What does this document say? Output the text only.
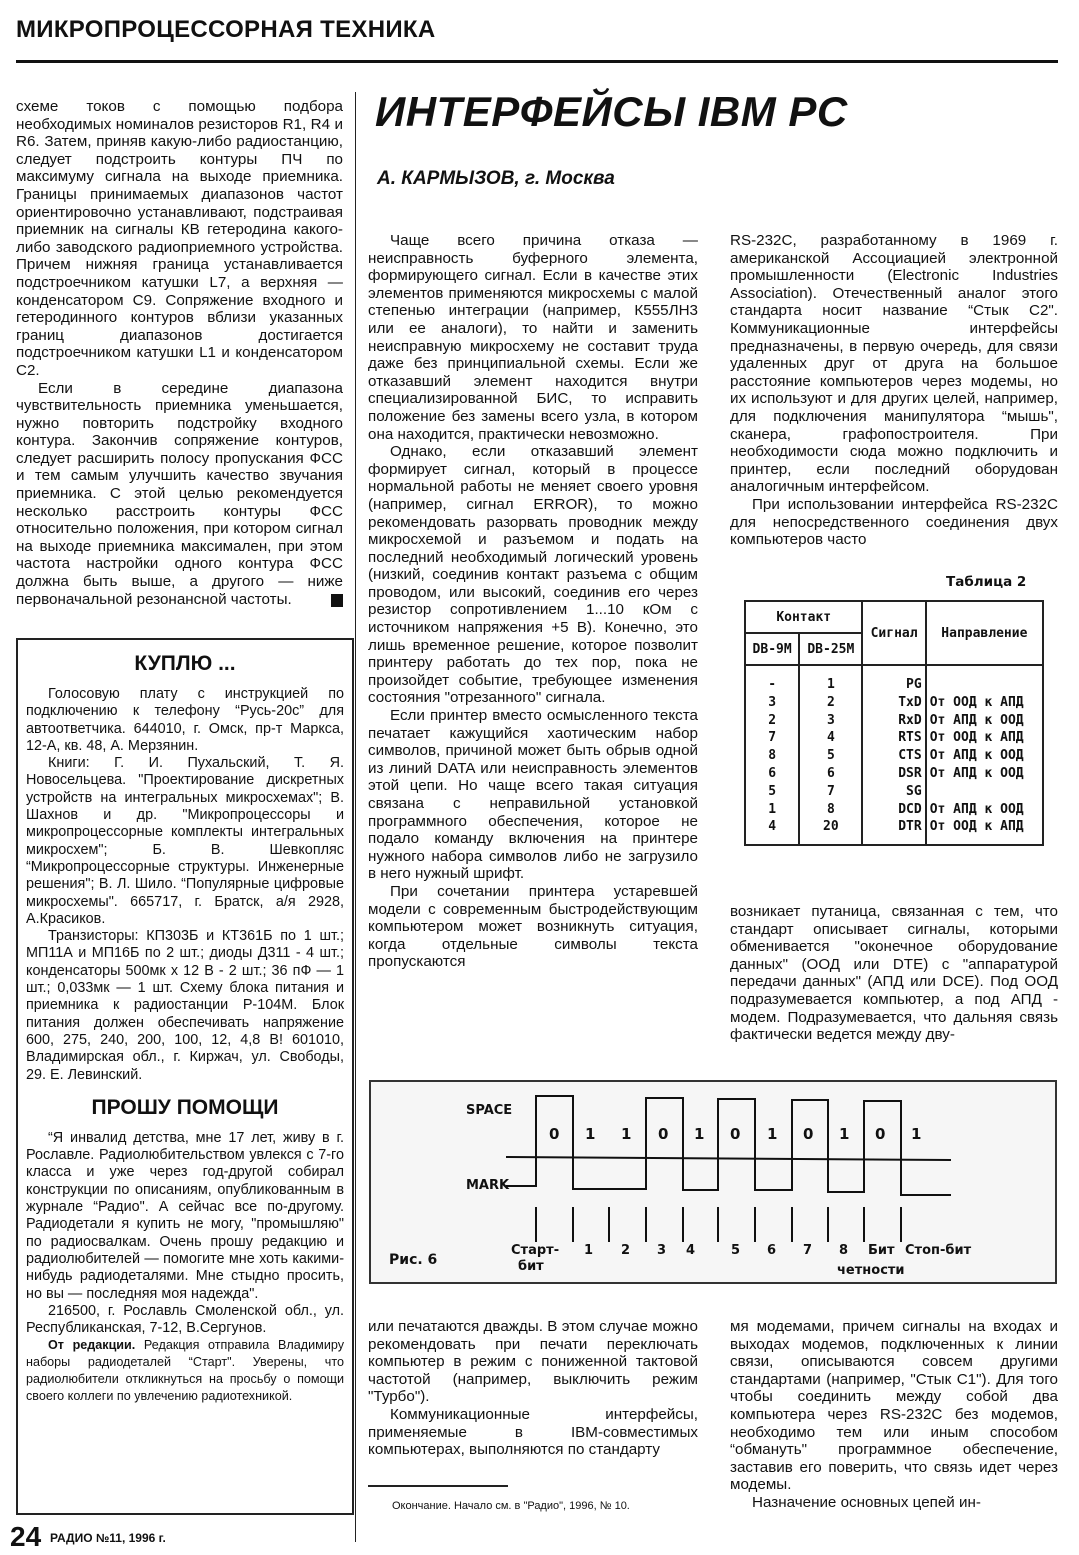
МИКРОПРОЦЕССОРНАЯ ТЕХНИКА

схеме токов с помощью подбора необходимых номиналов резисторов R1, R4 и R6. Затем, приняв какую-либо радиостанцию, следует подстроить контуры ПЧ по максимуму сигнала на выходе приемника. Границы принимаемых диапазонов частот ориентировочно устанавливают, подстраивая приемник на сигналы КВ гетеродина какого-либо заводского радиоприемного устройства. Причем нижняя граница устанавливается подстроечником катушки L7, а верхняя — конденсатором С9. Сопряжение входного и гетеродинного контуров вблизи указанных границ диапазонов достигается подстроечником катушки L1 и конденсатором С2.

Если в середине диапазона чувствительность приемника уменьшается, нужно повторить подстройку входного контура. Закончив сопряжение контуров, следует расширить полосу пропускания ФСС и тем самым улучшить качество звучания приемника. С этой целью рекомендуется несколько расстроить контуры ФСС относительно положения, при котором сигнал на выходе приемника максимален, при этом частота настройки одного контура ФСС должна быть выше, а другого — ниже первоначальной резонансной частоты.

КУПЛЮ ...

Голосовую плату с инструкцией по подключению к телефону “Русь-20с” для автоответчика. 644010, г. Омск, пр-т Маркса, 12-А, кв. 48, А. Мерзянин.

Книги: Г. И. Пухальский, Т. Я. Новосельцева. "Проектирование дискретных устройств на интегральных микросхемах"; В. Шахнов и др. "Микропроцессоры и микропроцессорные комплекты интегральных микросхем"; Б. В. Шевкопляс “Микропроцессорные структуры. Инженерные решения"; В. Л. Шило. “Популярные цифровые микросхемы". 665717, г. Братск, а/я 2928, А.Красиков.

Транзисторы: КП303Б и КТ361Б по 1 шт.; МП11А и МП16Б по 2 шт.; диоды Д311 - 4 шт.; конденсаторы 500мк х 12 В - 2 шт.; 36 пФ — 1 шт.; 0,033мк — 1 шт. Схему блока питания и приемника к радиостанции Р-104М. Блок питания должен обеспечивать напряжение 600, 275, 240, 200, 100, 12, 4,8 В! 601010, Владимирская обл., г. Киржач, ул. Свободы, 29. Е. Левинский.

ПРОШУ ПОМОЩИ

“Я инвалид детства, мне 17 лет, живу в г. Рославле. Радиолюбительством увлекся с 7-го класса и уже через год-другой собирал конструкции по описаниям, опубликованным в журнале “Радио". А сейчас все по-другому. Радиодетали я купить не могу, "промышляю" по радиосвалкам. Очень прошу редакцию и радиолюбителей — помогите мне хоть какими-нибудь радиодеталями. Мне стыдно просить, но вы — последняя моя надежда".

216500, г. Рославль Смоленской обл., ул. Республиканская, 7-12, В.Сергунов.

От редакции. Редакция отправила Владимиру наборы радиодеталей “Старт". Уверены, что радиолюбители откликнуться на просьбу о помощи своего коллеги по увлечению радиотехникой.

ИНТЕРФЕЙСЫ IBM PC
А. КАРМЫЗОВ, г. Москва

Чаще всего причина отказа — неисправность буферного элемента, формирующего сигнал. Если в качестве этих элементов применяются микросхемы с малой степенью интеграции (например, К555ЛН3 или ее аналоги), то найти и заменить неисправную микросхему не составит труда даже без принципиальной схемы. Если же отказавший элемент находится внутри специализированной БИС, то исправить положение без замены всего узла, в котором она находится, практически невозможно.

Однако, если отказавший элемент формирует сигнал, который в процессе нормальной работы не меняет своего уровня (например, сигнал ERROR), то можно рекомендовать разорвать проводник между микросхемой и разъемом и подать на последний необходимый логический уровень (низкий, соединив контакт разъема с общим проводом, или высокий, соединив его через резистор сопротивлением 1...10 кОм с источником напряжения +5 В). Конечно, это лишь временное решение, которое позволит принтеру работать до тех пор, пока не произойдет событие, требующее изменения состояния "отрезанного" сигнала.

Если принтер вместо осмысленного текста печатает кажущийся хаотическим набор символов, причиной может быть обрыв одной из линий DATA или неисправность элементов этой цепи. Но чаще всего такая ситуация связана с неправильной установкой программного обеспечения, которое не подало команду включения на принтере нужного набора символов либо не загрузило в него нужный шрифт.

При сочетании принтера устаревшей модели с современным быстродействующим компьютером может возникнуть ситуация, когда отдельные символы текста пропускаются

RS-232C, разработанному в 1969 г. американской Ассоциацией электронной промышленности (Electronic Industries Association). Отечественный аналог этого стандарта носит название “Стык С2". Коммуникационные интерфейсы предназначены, в первую очередь, для связи удаленных друг от друга на большое расстояние компьютеров через модемы, но их используют и для других целей, например, для подключения манипулятора “мышь", сканера, графопостроителя. При необходимости сюда можно подключить и принтер, если последний оборудован аналогичным интерфейсом.

При использовании интерфейса RS-232C для непосредственного соединения двух компьютеров часто

Таблица 2
Контакт		Сигнал	Направление
DB-9M	DB-25M		
-	1	PG	
3	2	TxD	От ООД к АПД
2	3	RxD	От АПД к ООД
7	4	RTS	От ООД к АПД
8	5	CTS	От АПД к ООД
6	6	DSR	От АПД к ООД
5	7	SG	
1	8	DCD	От АПД к ООД
4	20	DTR	От ООД к АПД

возникает путаница, связанная с тем, что стандарт описывает сигналы, которыми обменивается "оконечное оборудование данных" (ООД или DTE) с "аппаратурой передачи данных" (АПД или DCE). Под ООД подразумевается компьютер, а под АПД - модем. Подразумевается, что дальняя связь фактически ведется между дву-

SPACE
MARK
0 1 1 0 1 0 1 0 1 0 1
Старт-
бит
1 2 3 4	5 6 7 8 Бит Стоп-бит
четности
Рис. 6

или печатаются дважды. В этом случае можно рекомендовать при печати переключать компьютер в режим с пониженной тактовой частотой (например, выключить режим "Турбо").

Коммуникационные интерфейсы, применяемые в IBM-совместимых компьютерах, выполняются по стандарту

Окончание. Начало см. в "Радио", 1996, № 10.

мя модемами, причем сигналы на входах и выходах модемов, подключенных к линии связи, описываются совсем другими стандартами (например, "Стык С1"). Для того чтобы соединить между собой два компьютера через RS-232C без модемов, необходимо тем или иным способом “обмануть" программное обеспечение, заставив его поверить, что связь идет через модемы.

Назначение основных цепей ин-

24 РАДИО №11, 1996 г.
